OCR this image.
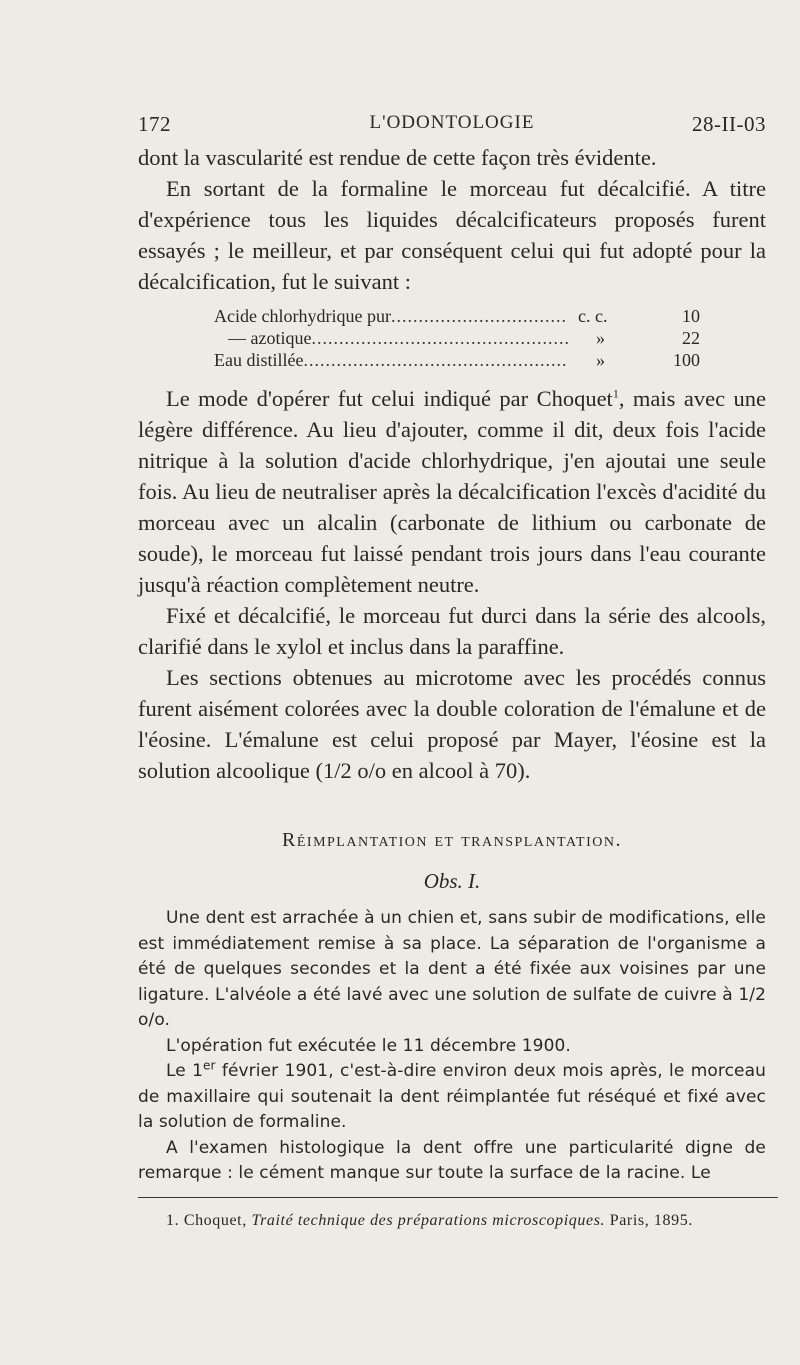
172	L'ODONTOLOGIE	28-II-03

dont la vascularité est rendue de cette façon très évidente.

En sortant de la formaline le morceau fut décalcifié. A titre d'expérience tous les liquides décalcificateurs proposés furent essayés ; le meilleur, et par conséquent celui qui fut adopté pour la décalcification, fut le suivant :

Acide chlorhydrique pur .....	c. c.	10
— azotique .....	»	22
Eau distillée .....	»	100

Le mode d'opérer fut celui indiqué par Choquet$^1$, mais avec une légère différence. Au lieu d'ajouter, comme il dit, deux fois l'acide nitrique à la solution d'acide chlorhydrique, j'en ajoutai une seule fois. Au lieu de neutraliser après la décalcification l'excès d'acidité du morceau avec un alcalin (carbonate de lithium ou carbonate de soude), le morceau fut laissé pendant trois jours dans l'eau courante jusqu'à réaction complètement neutre.

Fixé et décalcifié, le morceau fut durci dans la série des alcools, clarifié dans le xylol et inclus dans la paraffine.

Les sections obtenues au microtome avec les procédés connus furent aisément colorées avec la double coloration de l'émalune et de l'éosine. L'émalune est celui proposé par Mayer, l'éosine est la solution alcoolique (1/2 o/o en alcool à 70).

Réimplantation et transplantation.
Obs. I.

Une dent est arrachée à un chien et, sans subir de modifications, elle est immédiatement remise à sa place. La séparation de l'organisme a été de quelques secondes et la dent a été fixée aux voisines par une ligature. L'alvéole a été lavé avec une solution de sulfate de cuivre à 1/2 o/o.

L'opération fut exécutée le 11 décembre 1900.

Le 1er février 1901, c'est-à-dire environ deux mois après, le morceau de maxillaire qui soutenait la dent réimplantée fut réséqué et fixé avec la solution de formaline.

A l'examen histologique la dent offre une particularité digne de remarque : le cément manque sur toute la surface de la racine. Le

1. Choquet, Traité technique des préparations microscopiques. Paris, 1895.
